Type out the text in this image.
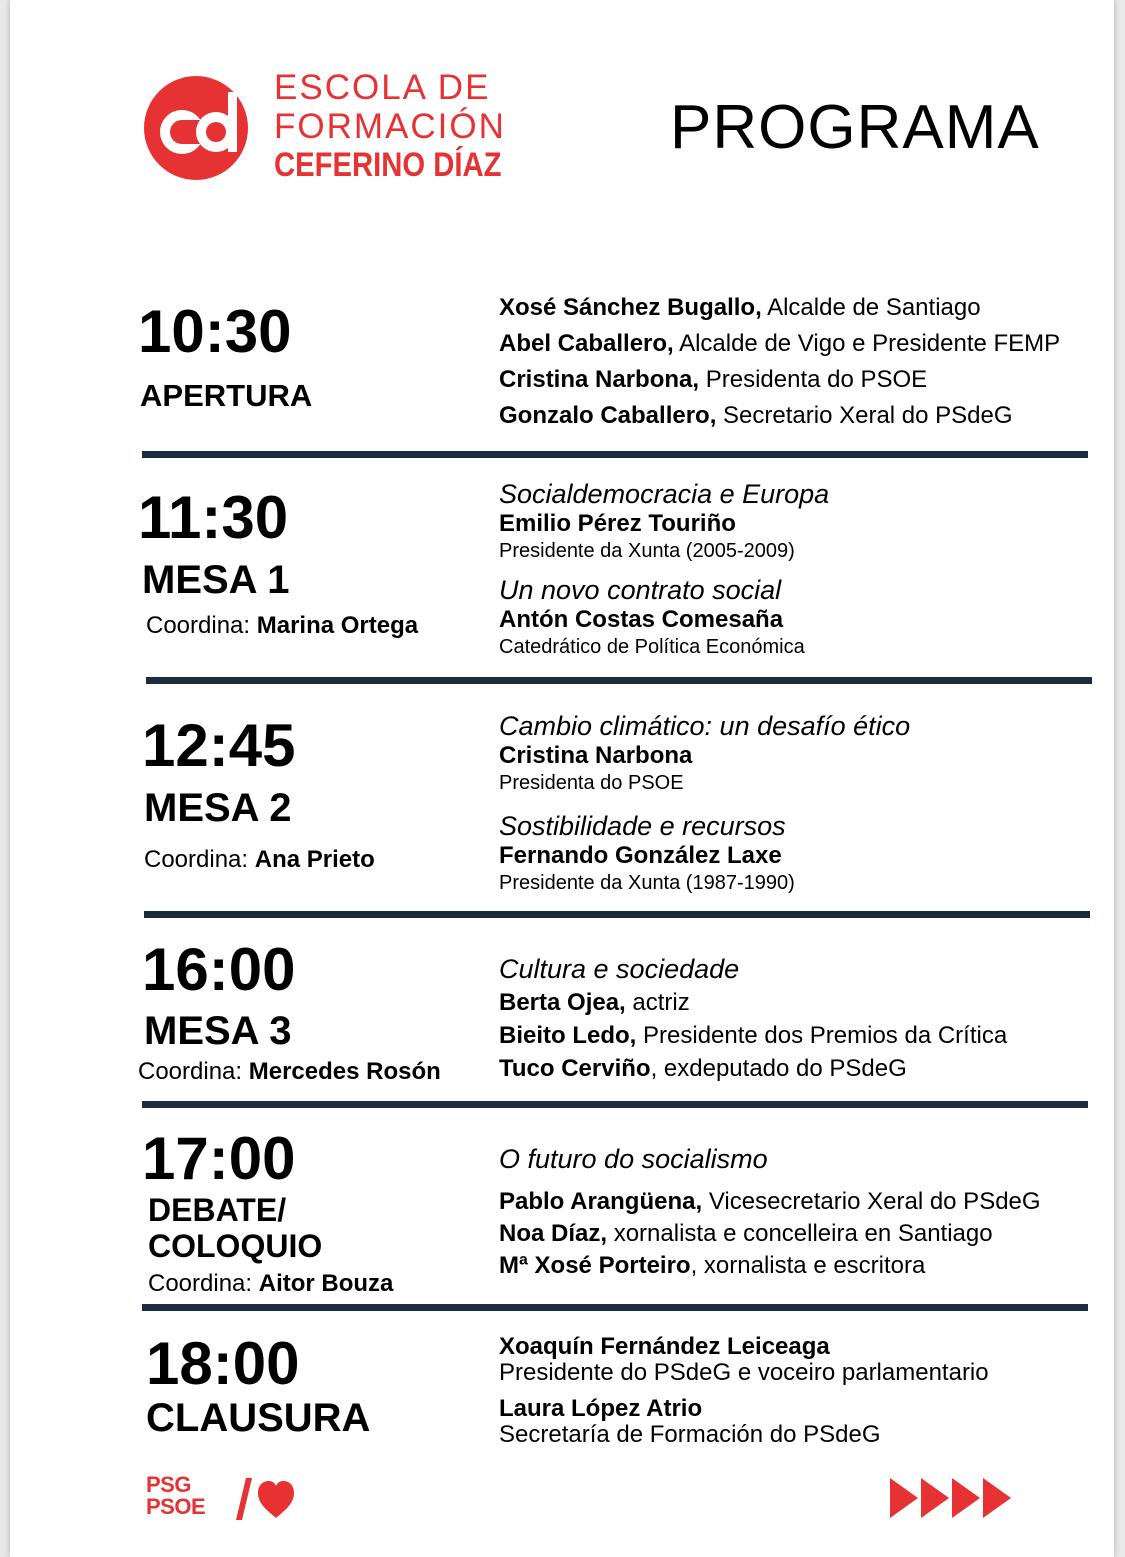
ESCOLA DE
FORMACIÓN
CEFERINO DÍAZ
PROGRAMA
10:30
APERTURA
Xosé Sánchez Bugallo, Alcalde de Santiago
Abel Caballero, Alcalde de Vigo e Presidente FEMP
Cristina Narbona, Presidenta do PSOE
Gonzalo Caballero, Secretario Xeral do PSdeG
11:30
MESA 1
Coordina: Marina Ortega
Socialdemocracia e Europa
Emilio Pérez Touriño
Presidente da Xunta (2005-2009)
Un novo contrato social
Antón Costas Comesaña
Catedrático de Política Económica
12:45
MESA 2
Coordina: Ana Prieto
Cambio climático: un desafío ético
Cristina Narbona
Presidenta do PSOE
Sostibilidade e recursos
Fernando González Laxe
Presidente da Xunta (1987-1990)
16:00
MESA 3
Coordina: Mercedes Rosón
Cultura e sociedade
Berta Ojea, actriz
Bieito Ledo, Presidente dos Premios da Crítica
Tuco Cerviño, exdeputado do PSdeG
17:00
DEBATE/
COLOQUIO
Coordina: Aitor Bouza
O futuro do socialismo
Pablo Arangüena, Vicesecretario Xeral do PSdeG
Noa Díaz, xornalista e concelleira en Santiago
Mª Xosé Porteiro, xornalista e escritora
18:00
CLAUSURA
Xoaquín Fernández Leiceaga
Presidente do PSdeG e voceiro parlamentario
Laura López Atrio
Secretaría de Formación do PSdeG
PSG
PSOE
